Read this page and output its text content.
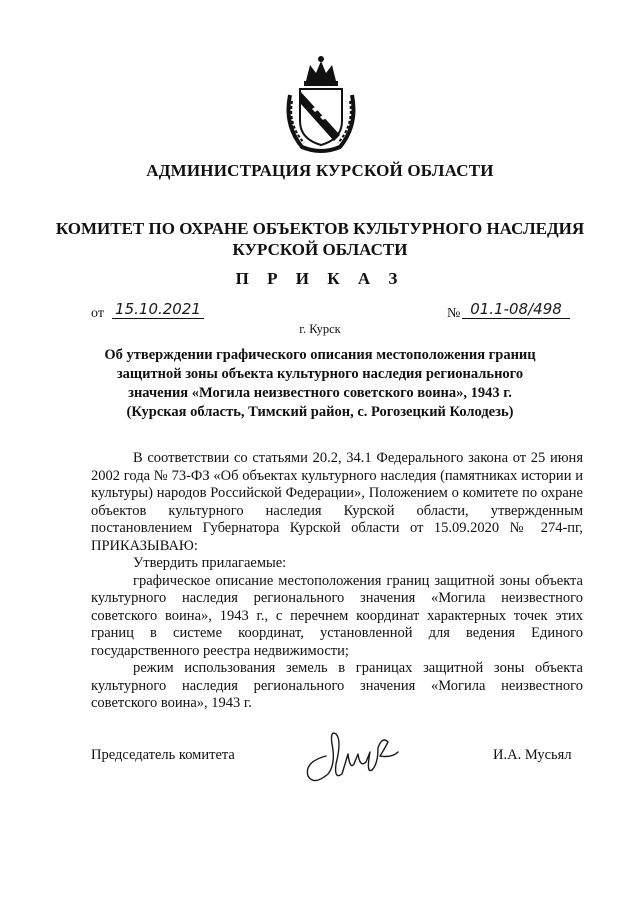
АДМИНИСТРАЦИЯ КУРСКОЙ ОБЛАСТИ
КОМИТЕТ ПО ОХРАНЕ ОБЪЕКТОВ КУЛЬТУРНОГО НАСЛЕДИЯ
КУРСКОЙ ОБЛАСТИ
П Р И К А З
от 15.10.2021	№ 01.1-08/498
г. Курск
Об утверждении графического описания местоположения границ
защитной зоны объекта культурного наследия регионального
значения «Могила неизвестного советского воина», 1943 г.
(Курская область, Тимский район, с. Рогозецкий Колодезь)

В соответствии со статьями 20.2, 34.1 Федерального закона от 25 июня 2002 года № 73-ФЗ «Об объектах культурного наследия (памятниках истории и культуры) народов Российской Федерации», Положением о комитете по охране объектов культурного наследия Курской области, утвержденным постановлением Губернатора Курской области от 15.09.2020 № 274-пг, ПРИКАЗЫВАЮ:

Утвердить прилагаемые:

графическое описание местоположения границ защитной зоны объекта культурного наследия регионального значения «Могила неизвестного советского воина», 1943 г., с перечнем координат характерных точек этих границ в системе координат, установленной для ведения Единого государственного реестра недвижимости;

режим использования земель в границах защитной зоны объекта культурного наследия регионального значения «Могила неизвестного советского воина», 1943 г.

Председатель комитета	И.А. Мусьял
